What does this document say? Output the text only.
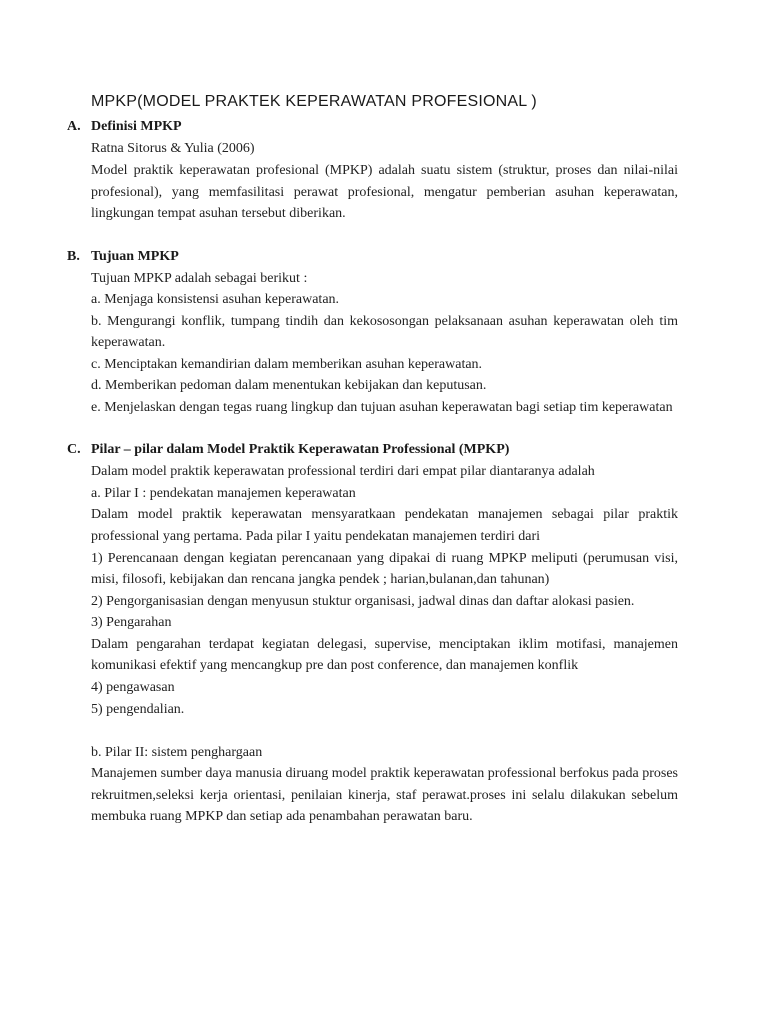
MPKP(MODEL PRAKTEK KEPERAWATAN PROFESIONAL )
A. Definisi MPKP
Ratna Sitorus & Yulia (2006)
Model praktik keperawatan profesional (MPKP) adalah suatu sistem (struktur, proses dan nilai-nilai
profesional), yang memfasilitasi perawat profesional, mengatur pemberian asuhan keperawatan,
lingkungan tempat asuhan tersebut diberikan.
B. Tujuan MPKP
Tujuan MPKP adalah sebagai berikut :
a. Menjaga konsistensi asuhan keperawatan.
b. Mengurangi konflik, tumpang tindih dan kekososongan pelaksanaan asuhan keperawatan oleh tim
keperawatan.
c. Menciptakan kemandirian dalam memberikan asuhan keperawatan.
d. Memberikan pedoman dalam menentukan kebijakan dan keputusan.
e. Menjelaskan dengan tegas ruang lingkup dan tujuan asuhan keperawatan bagi setiap tim keperawatan
C. Pilar – pilar dalam Model Praktik Keperawatan Professional (MPKP)
Dalam model praktik keperawatan professional terdiri dari empat pilar diantaranya adalah
a. Pilar I : pendekatan manajemen keperawatan
Dalam model praktik keperawatan mensyaratkaan pendekatan manajemen sebagai pilar praktik
professional yang pertama. Pada pilar I yaitu pendekatan manajemen terdiri dari
1) Perencanaan dengan kegiatan perencanaan yang dipakai di ruang MPKP meliputi (perumusan visi,
misi, filosofi, kebijakan dan rencana jangka pendek ; harian,bulanan,dan tahunan)
2) Pengorganisasian dengan menyusun stuktur organisasi, jadwal dinas dan daftar alokasi pasien.
3) Pengarahan
Dalam pengarahan terdapat kegiatan delegasi, supervise, menciptakan iklim motifasi, manajemen
komunikasi efektif yang mencangkup pre dan post conference, dan manajemen konflik
4) pengawasan
5) pengendalian.
b. Pilar II: sistem penghargaan
Manajemen sumber daya manusia diruang model praktik keperawatan professional berfokus pada proses
rekruitmen,seleksi kerja orientasi, penilaian kinerja, staf perawat.proses ini selalu dilakukan sebelum
membuka ruang MPKP dan setiap ada penambahan perawatan baru.
